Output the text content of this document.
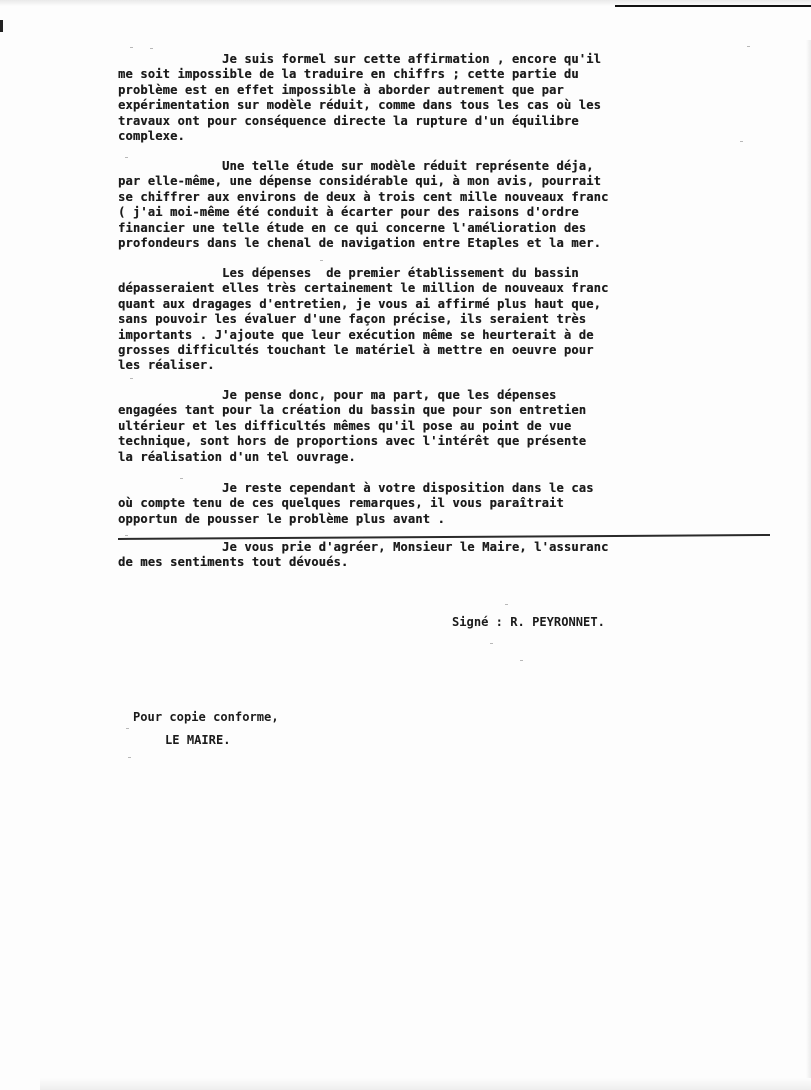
Je suis formel sur cette affirmation , encore qu'il
me soit impossible de la traduire en chiffrs ; cette partie du
problème est en effet impossible à aborder autrement que par
expérimentation sur modèle réduit, comme dans tous les cas où les
travaux ont pour conséquence directe la rupture d'un équilibre
complexe.

Une telle étude sur modèle réduit représente déja,
par elle-même, une dépense considérable qui, à mon avis, pourrait
se chiffrer aux environs de deux à trois cent mille nouveaux franc
( j'ai moi-même été conduit à écarter pour des raisons d'ordre
financier une telle étude en ce qui concerne l'amélioration des
profondeurs dans le chenal de navigation entre Etaples et la mer.

Les dépenses  de premier établissement du bassin
dépasseraient elles très certainement le million de nouveaux franc
quant aux dragages d'entretien, je vous ai affirmé plus haut que,
sans pouvoir les évaluer d'une façon précise, ils seraient très
importants . J'ajoute que leur exécution même se heurterait à de
grosses difficultés touchant le matériel à mettre en oeuvre pour
les réaliser.

Je pense donc, pour ma part, que les dépenses
engagées tant pour la création du bassin que pour son entretien
ultérieur et les difficultés mêmes qu'il pose au point de vue
technique, sont hors de proportions avec l'intérêt que présente
la réalisation d'un tel ouvrage.

Je reste cependant à votre disposition dans le cas
où compte tenu de ces quelques remarques, il vous paraîtrait
opportun de pousser le problème plus avant .

Je vous prie d'agréer, Monsieur le Maire, l'assuranc
de mes sentiments tout dévoués.

Signé : R. PEYRONNET.

Pour copie conforme,

LE MAIRE.
